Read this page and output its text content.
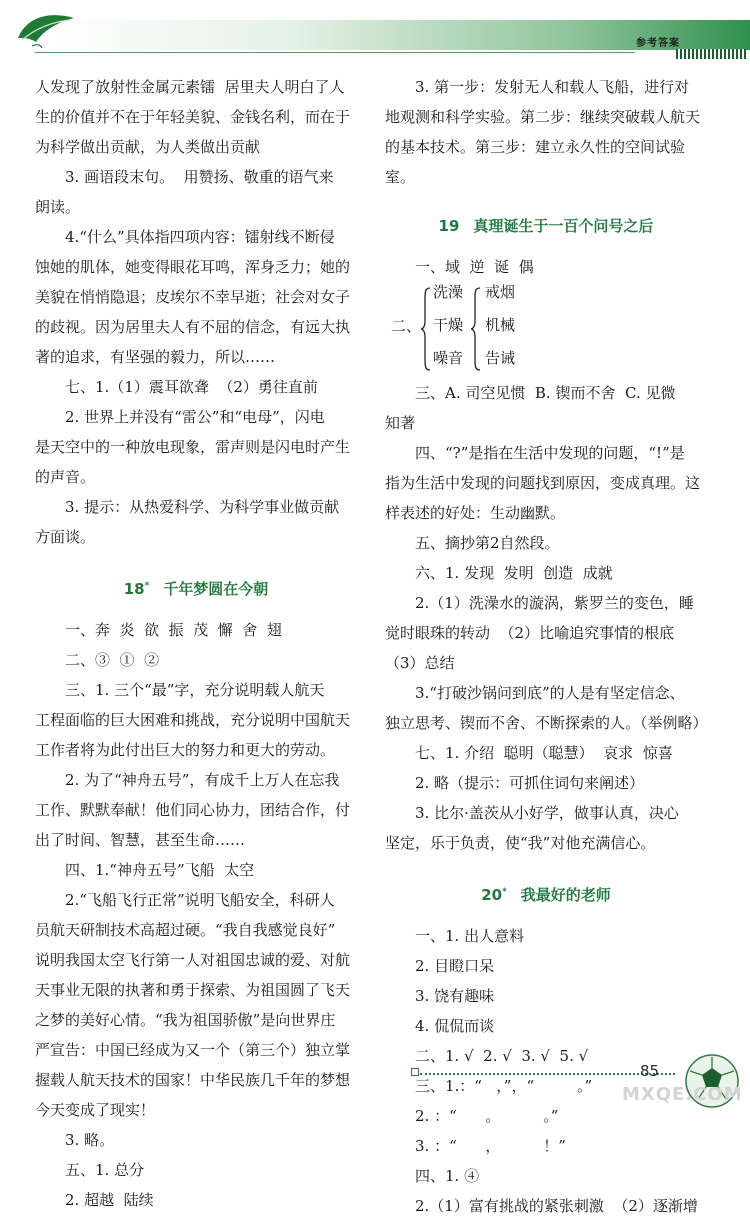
参考答案

人发现了放射性金属元素镭  居里夫人明白了人

生的价值并不在于年轻美貌、金钱名利，而在于

为科学做出贡献，为人类做出贡献

3. 画语段末句。  用赞扬、敬重的语气来

朗读。

4.“什么”具体指四项内容：镭射线不断侵

蚀她的肌体，她变得眼花耳鸣，浑身乏力；她的

美貌在悄悄隐退；皮埃尔不幸早逝；社会对女子

的歧视。因为居里夫人有不屈的信念，有远大执

著的追求，有坚强的毅力，所以……

七、1.（1）震耳欲聋  （2）勇往直前

2. 世界上并没有“雷公”和“电母”，闪电

是天空中的一种放电现象，雷声则是闪电时产生

的声音。

3. 提示：从热爱科学、为科学事业做贡献

方面谈。

18* 千年梦圆在今朝

一、奔  炎  欲  振  茂  懈  舍  翅

二、③  ①  ②

三、1. 三个“最”字，充分说明载人航天

工程面临的巨大困难和挑战，充分说明中国航天

工作者将为此付出巨大的努力和更大的劳动。

2. 为了“神舟五号”，有成千上万人在忘我

工作、默默奉献！他们同心协力，团结合作，付

出了时间、智慧，甚至生命……

四、1.“神舟五号”飞船  太空

2.“飞船飞行正常”说明飞船安全，科研人

员航天研制技术高超过硬。“我自我感觉良好”

说明我国太空飞行第一人对祖国忠诚的爱、对航

天事业无限的执著和勇于探索、为祖国圆了飞天

之梦的美好心情。“我为祖国骄傲”是向世界庄

严宣告：中国已经成为又一个（第三个）独立掌

握载人航天技术的国家！中华民族几千年的梦想

今天变成了现实！

3. 略。

五、1. 总分

2. 超越  陆续

3. 第一步：发射无人和载人飞船，进行对

地观测和科学实验。第二步：继续突破载人航天

的基本技术。第三步：建立永久性的空间试验

室。

19 真理诞生于一百个问号之后

一、域  逆  诞  偶

二、
洗澡
干燥
噪音
戒烟
机械
告诫

三、A. 司空见惯  B. 锲而不舍  C. 见微

知著

四、“?”是指在生活中发现的问题，“!”是

指为生活中发现的问题找到原因，变成真理。这

样表述的好处：生动幽默。

五、摘抄第2自然段。

六、1. 发现  发明  创造  成就

2.（1）洗澡水的漩涡，紫罗兰的变色，睡

觉时眼珠的转动  （2）比喻追究事情的根底

（3）总结

3.“打破沙锅问到底”的人是有坚定信念、

独立思考、锲而不舍、不断探索的人。（举例略）

七、1. 介绍  聪明（聪慧）  哀求  惊喜

2. 略（提示：可抓住词句来阐述）

3. 比尔·盖茨从小好学，做事认真，决心

坚定，乐于负责，使“我”对他充满信心。

20* 我最好的老师

一、1. 出人意料

2. 目瞪口呆

3. 饶有趣味

4. 侃侃而谈

二、1. √  2. √  3. √  5. √

三、1.：“   ，”，“         。”

2. ：“      。         。”

3. ：“      ，         ！”

四、1. ④

2.（1）富有挑战的紧张刺激  （2）逐渐增

85
MXQE.COM
